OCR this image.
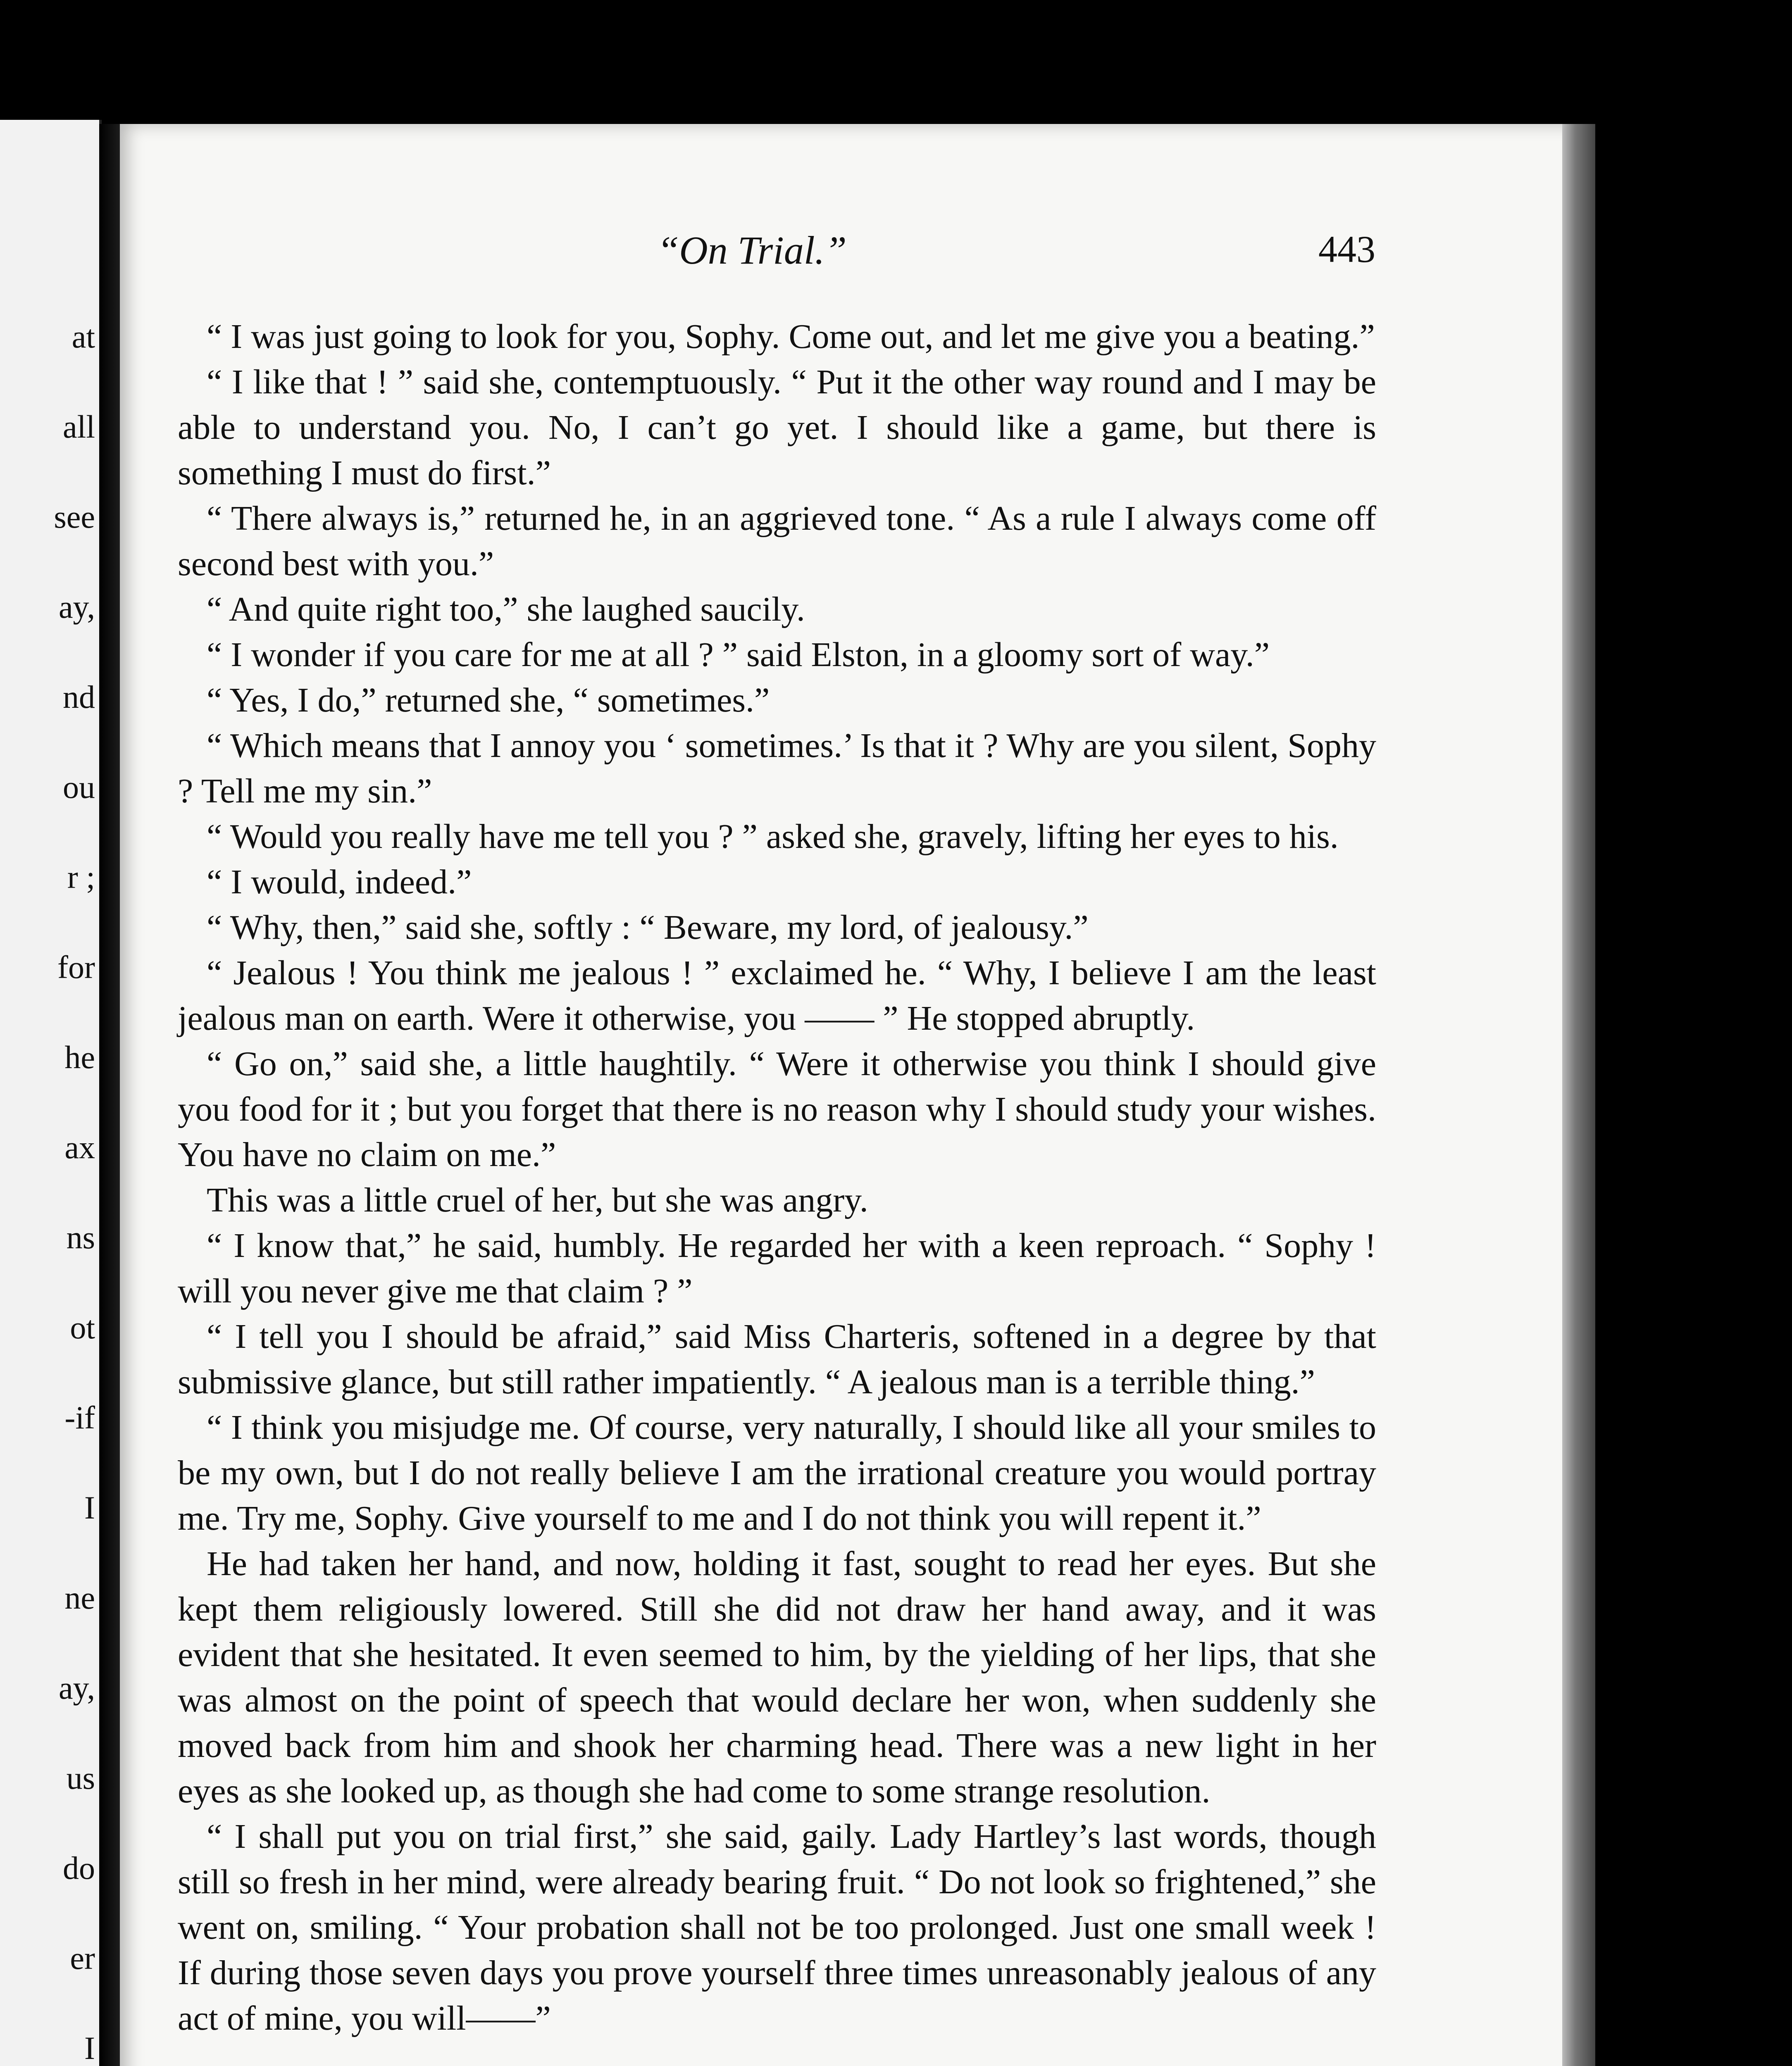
at
all
see
ay,
nd
ou
r ;
for
he
ax
ns
ot
-if
I
ne
ay,
us
do
er
I
“On Trial.”	443

“ I was just going to look for you, Sophy. Come out, and let me give you a beating.”

“ I like that ! ” said she, contemptuously. “ Put it the other way round and I may be able to understand you. No, I can’t go yet. I should like a game, but there is something I must do first.”

“ There always is,” returned he, in an aggrieved tone. “ As a rule I always come off second best with you.”

“ And quite right too,” she laughed saucily.

“ I wonder if you care for me at all ? ” said Elston, in a gloomy sort of way.”

“ Yes, I do,” returned she, “ sometimes.”

“ Which means that I annoy you ‘ sometimes.’ Is that it ? Why are you silent, Sophy ? Tell me my sin.”

“ Would you really have me tell you ? ” asked she, gravely, lifting her eyes to his.

“ I would, indeed.”

“ Why, then,” said she, softly : “ Beware, my lord, of jealousy.”

“ Jealous ! You think me jealous ! ” exclaimed he. “ Why, I believe I am the least jealous man on earth. Were it otherwise, you —— ” He stopped abruptly.

“ Go on,” said she, a little haughtily. “ Were it otherwise you think I should give you food for it ; but you forget that there is no reason why I should study your wishes. You have no claim on me.”

This was a little cruel of her, but she was angry.

“ I know that,” he said, humbly. He regarded her with a keen reproach. “ Sophy ! will you never give me that claim ? ”

“ I tell you I should be afraid,” said Miss Charteris, softened in a degree by that submissive glance, but still rather impatiently. “ A jealous man is a terrible thing.”

“ I think you misjudge me. Of course, very naturally, I should like all your smiles to be my own, but I do not really believe I am the irrational creature you would portray me. Try me, Sophy. Give yourself to me and I do not think you will repent it.”

He had taken her hand, and now, holding it fast, sought to read her eyes. But she kept them religiously lowered. Still she did not draw her hand away, and it was evident that she hesitated. It even seemed to him, by the yielding of her lips, that she was almost on the point of speech that would declare her won, when suddenly she moved back from him and shook her charming head. There was a new light in her eyes as she looked up, as though she had come to some strange resolution.

“ I shall put you on trial first,” she said, gaily. Lady Hartley’s last words, though still so fresh in her mind, were already bearing fruit. “ Do not look so frightened,” she went on, smiling. “ Your probation shall not be too prolonged. Just one small week ! If during those seven days you prove yourself three times unreasonably jealous of any act of mine, you will——”
